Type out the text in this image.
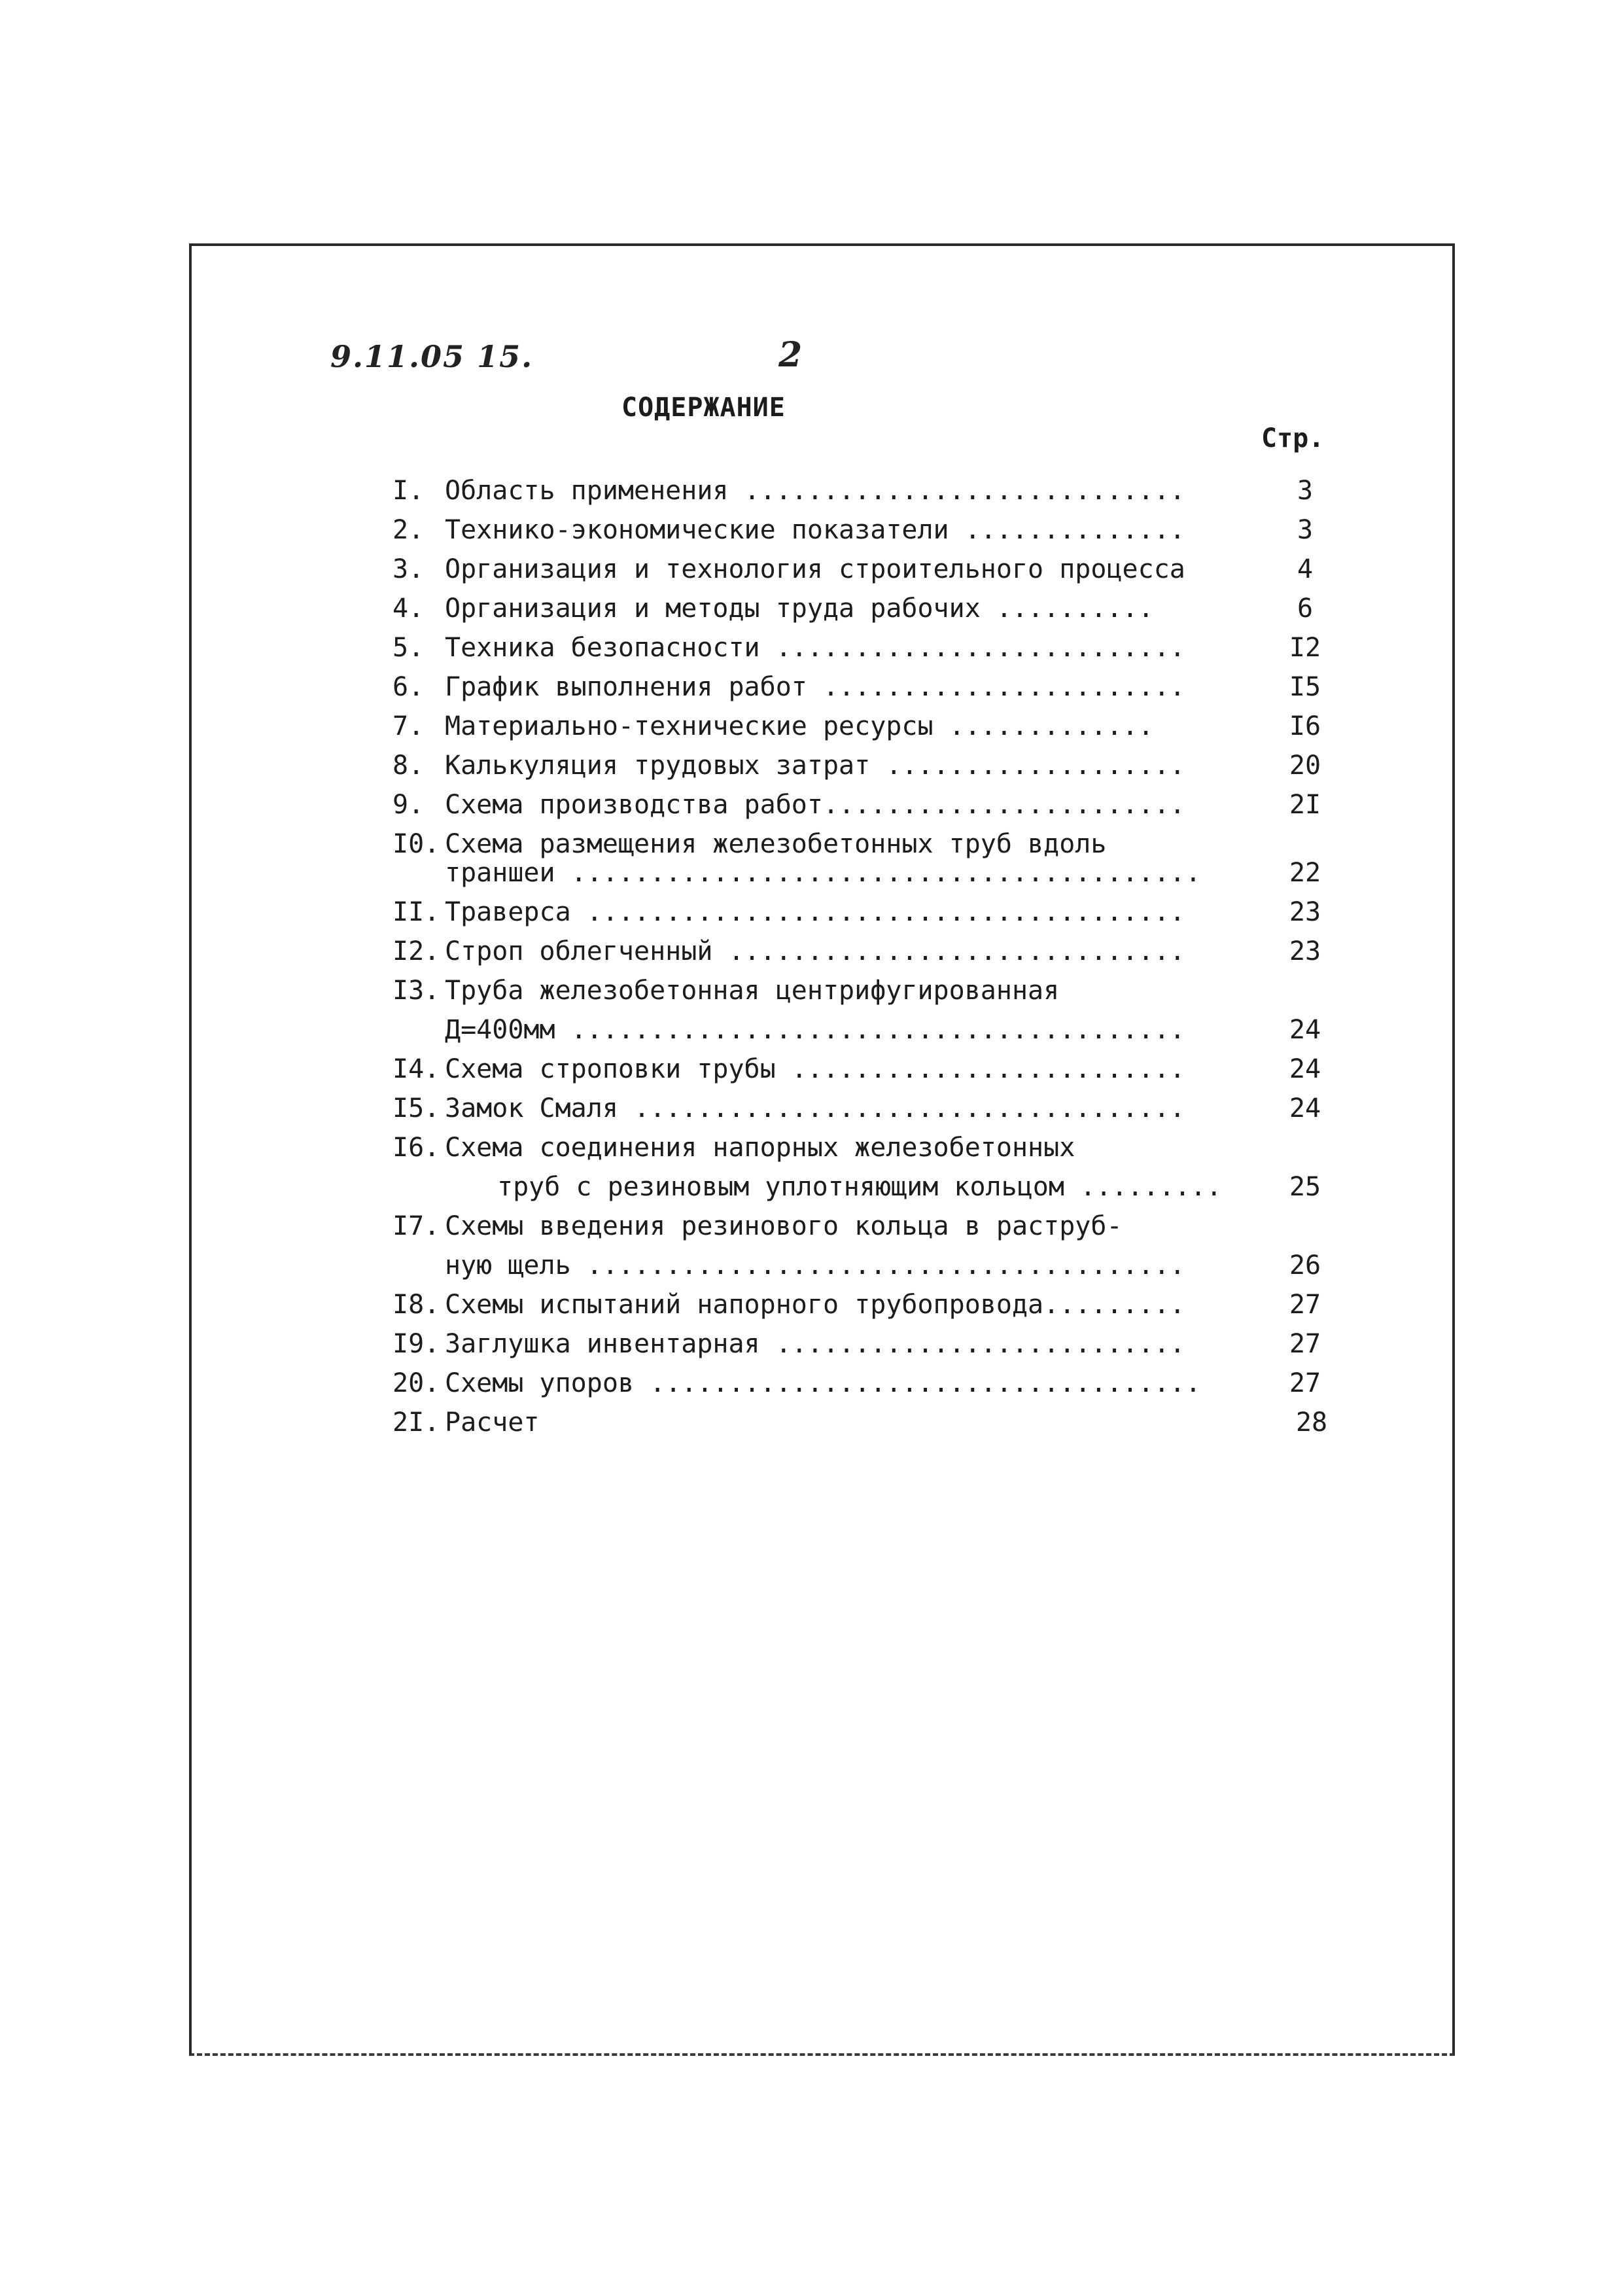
9.11.05 15.	2
СОДЕРЖАНИЕ
Стр.
I. Область применения ............................	3
2. Технико-экономические показатели ..............	3
3. Организация и технология строительного процесса	4
4. Организация и методы труда рабочих ..........	6
5. Техника безопасности ..........................	I2
6. График выполнения работ .......................	I5
7. Материально-технические ресурсы .............	I6
8. Калькуляция трудовых затрат ...................	20
9. Схема производства работ.......................	2I
I0. Схема размещения железобетонных труб вдоль
траншеи ........................................	22
II. Траверса ......................................	23
I2. Строп облегченный .............................	23
I3. Труба железобетонная центрифугированная
Д=400мм .......................................	24
I4. Схема строповки трубы .........................	24
I5. Замок Смаля ...................................	24
I6. Схема соединения напорных железобетонных
труб с резиновым уплотняющим кольцом .........	25
I7. Схемы введения резинового кольца в раструб-
ную щель ......................................	26
I8. Схемы испытаний напорного трубопровода.........	27
I9. Заглушка инвентарная ..........................	27
20. Схемы упоров ...................................	27
2I. Расчет	28
